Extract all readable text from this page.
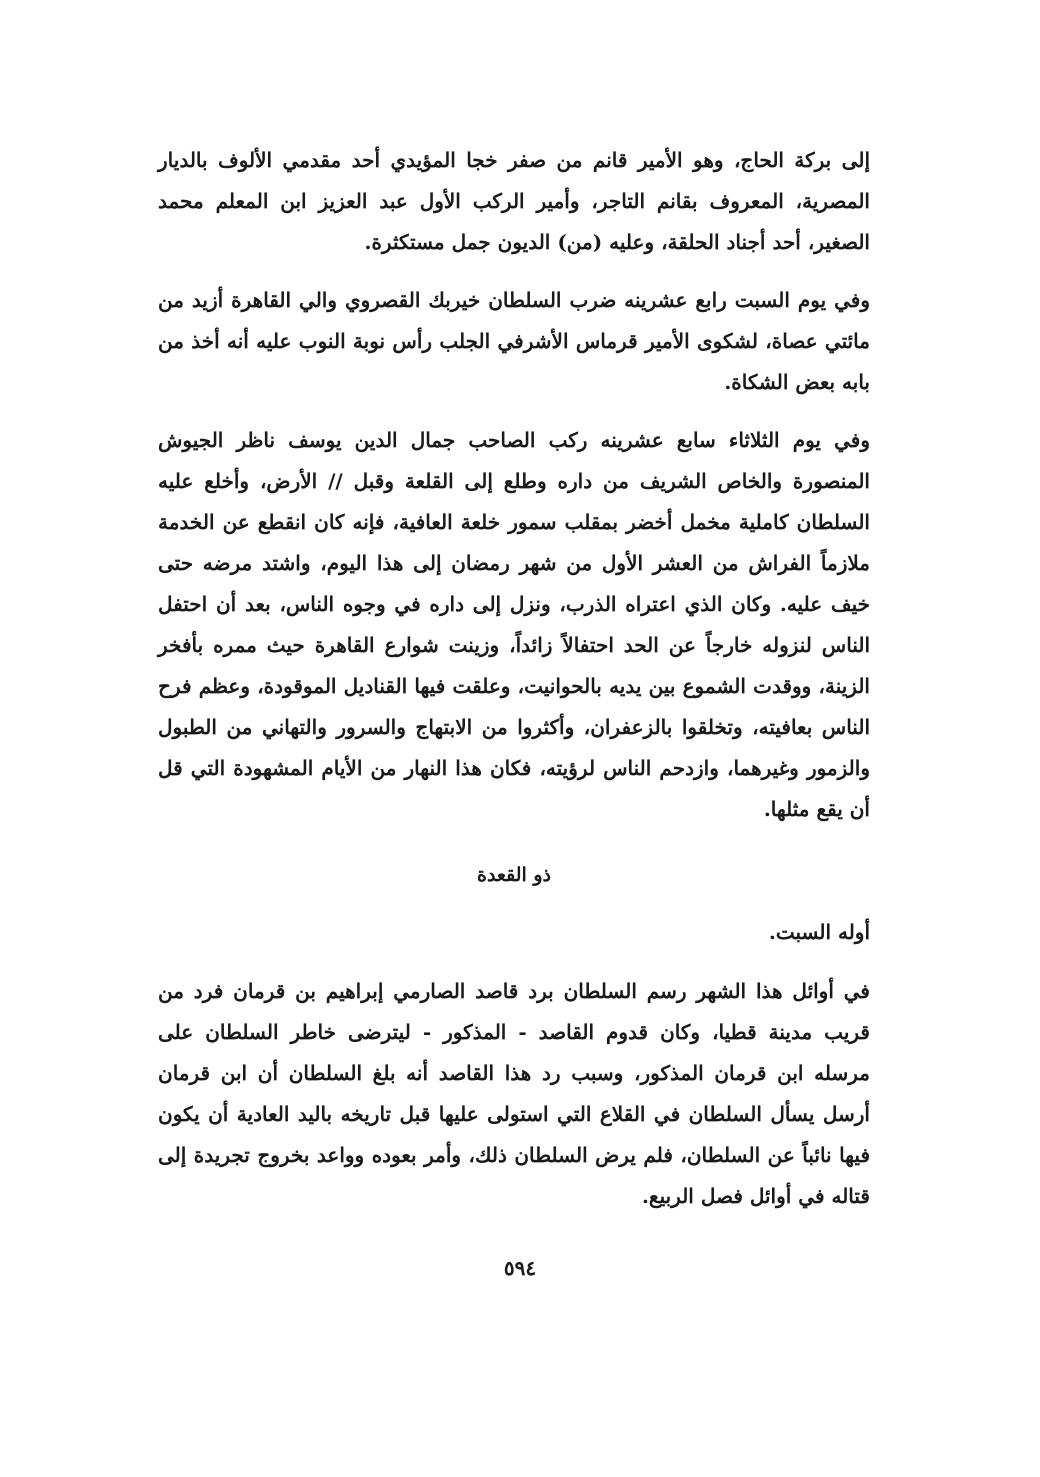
إلى بركة الحاج، وهو الأمير قانم من صفر خجا المؤيدي أحد مقدمي الألوف بالديار المصرية، المعروف بقانم التاجر، وأمير الركب الأول عبد العزيز ابن المعلم محمد الصغير، أحد أجناد الحلقة، وعليه (من) الديون جمل مستكثرة.

وفي يوم السبت رابع عشرينه ضرب السلطان خيربك القصروي والي القاهرة أزيد من مائتي عصاة، لشكوى الأمير قرماس الأشرفي الجلب رأس نوبة النوب عليه أنه أخذ من بابه بعض الشكاة.

وفي يوم الثلاثاء سابع عشرينه ركب الصاحب جمال الدين يوسف ناظر الجيوش المنصورة والخاص الشريف من داره وطلع إلى القلعة وقبل // الأرض، وأخلع عليه السلطان كاملية مخمل أخضر بمقلب سمور خلعة العافية، فإنه كان انقطع عن الخدمة ملازماً الفراش من العشر الأول من شهر رمضان إلى هذا اليوم، واشتد مرضه حتى خيف عليه. وكان الذي اعتراه الذرب، ونزل إلى داره في وجوه الناس، بعد أن احتفل الناس لنزوله خارجاً عن الحد احتفالاً زائداً، وزينت شوارع القاهرة حيث ممره بأفخر الزينة، ووقدت الشموع بين يديه بالحوانيت، وعلقت فيها القناديل الموقودة، وعظم فرح الناس بعافيته، وتخلقوا بالزعفران، وأكثروا من الابتهاج والسرور والتهاني من الطبول والزمور وغيرهما، وازدحم الناس لرؤيته، فكان هذا النهار من الأيام المشهودة التي قل أن يقع مثلها.

ذو القعدة
أوله السبت.

في أوائل هذا الشهر رسم السلطان برد قاصد الصارمي إبراهيم بن قرمان فرد من قريب مدينة قطيا، وكان قدوم القاصد - المذكور - ليترضى خاطر السلطان على مرسله ابن قرمان المذكور، وسبب رد هذا القاصد أنه بلغ السلطان أن ابن قرمان أرسل يسأل السلطان في القلاع التي استولى عليها قبل تاريخه باليد العادية أن يكون فيها نائباً عن السلطان، فلم يرض السلطان ذلك، وأمر بعوده وواعد بخروج تجريدة إلى قتاله في أوائل فصل الربيع.

٥٩٤
